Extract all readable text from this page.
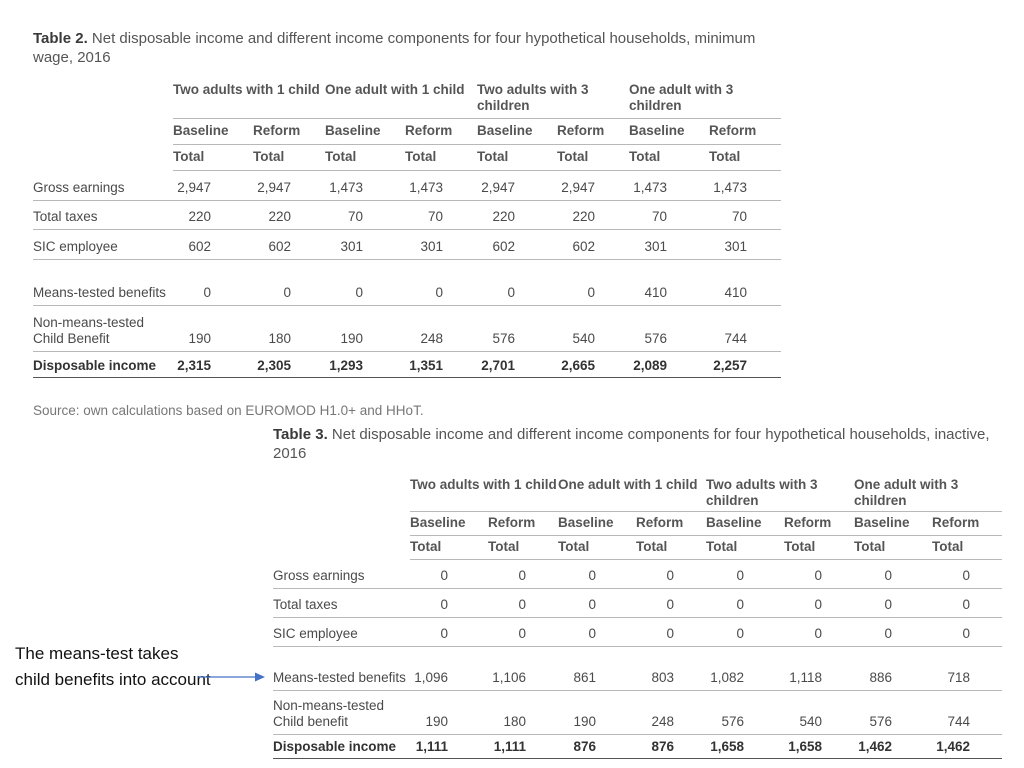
Table 2. Net disposable income and different income components for four hypothetical households, minimum wage, 2016
	Two adults with 1 child		One adult with 1 child		Two adults with 3 children		One adult with 3 children	
	Baseline	Reform	Baseline	Reform	Baseline	Reform	Baseline	Reform
	Total	Total	Total	Total	Total	Total	Total	Total
Gross earnings	2,947	2,947	1,473	1,473	2,947	2,947	1,473	1,473
Total taxes	220	220	70	70	220	220	70	70
SIC employee	602	602	301	301	602	602	301	301
Means-tested benefits	0	0	0	0	0	0	410	410
Non-means-tested Child Benefit	190	180	190	248	576	540	576	744
Disposable income	2,315	2,305	1,293	1,351	2,701	2,665	2,089	2,257
Source: own calculations based on EUROMOD H1.0+ and HHoT.
Table 3. Net disposable income and different income components for four hypothetical households, inactive, 2016
	Two adults with 1 child		One adult with 1 child		Two adults with 3 children		One adult with 3 children	
	Baseline	Reform	Baseline	Reform	Baseline	Reform	Baseline	Reform
	Total	Total	Total	Total	Total	Total	Total	Total
Gross earnings	0	0	0	0	0	0	0	0
Total taxes	0	0	0	0	0	0	0	0
SIC employee	0	0	0	0	0	0	0	0
Means-tested benefits	1,096	1,106	861	803	1,082	1,118	886	718
Non-means-tested Child benefit	190	180	190	248	576	540	576	744
Disposable income	1,111	1,111	876	876	1,658	1,658	1,462	1,462
The means-test takes child benefits into account
